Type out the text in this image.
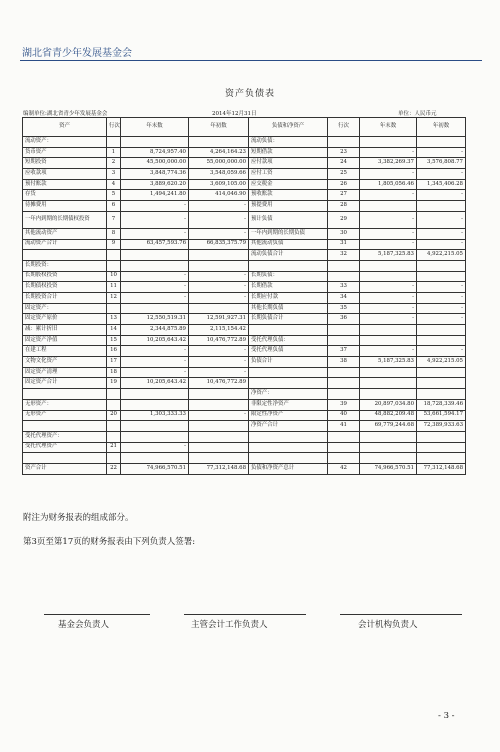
湖北省青少年发展基金会
资产负债表
编制单位:湖北省青少年发展基金会	2014年12月31日	单位：人民币元
资产	行次	年末数	年初数	负债和净资产	行次	年末数	年初数
流动资产：				流动负债：			
货币资产	1	8,724,957.40	4,264,164.23	短期借款	23	-	-
短期投资	2	45,500,000.00	55,000,000.00	应付款项	24	3,382,269.37	3,576,808.77
应收款项	3	3,848,774.36	3,548,059.66	应付工资	25	-	-
预付账款	4	3,889,620.20	3,609,105.00	应交税金	26	1,805,056.46	1,345,406.28
存货	5	1,494,241.80	414,046.90	预收账款	27	-	-
待摊费用	6	-	-	预提费用	28		
一年内到期的长期债权投资	7	-	-	预计负债	29	-	-
其他流动资产	8	-	-	一年内到期的长期负债	30	-	-
流动资产合计	9	63,457,593.76	66,835,375.79	其他流动负债	31	-	-
				流动负债合计	32	5,187,325.83	4,922,215.05
长期投资：							
长期股权投资	10	-	-	长期负债：			
长期债权投资	11	-	-	长期借款	33	-	-
长期投资合计	12	-	-	长期应付款	34	-	-
固定资产：				其他长期负债	35	-	-
固定资产原价	13	12,550,519.31	12,591,927.31	长期负债合计	36	-	-
减：累计折旧	14	2,344,875.89	2,115,154.42				
固定资产净值	15	10,205,643.42	10,476,772.89	受托代理负债：			
在建工程	16	-	-	受托代理负债	37	-	-
文物文化资产	17	-	-	负债合计	38	5,187,325.83	4,922,215.05
固定资产清理	18	-	-				
固定资产合计	19	10,205,643.42	10,476,772.89				
				净资产：			
无形资产：				非限定性净资产	39	20,897,034.80	18,728,339.46
无形资产	20	1,303,333.33	-	限定性净资产	40	48,882,209.48	53,661,594.17
				净资产合计	41	69,779,244.68	72,389,933.63
受托代理资产：							
受托代理资产	21	-					

资产合计	22	74,966,570.51	77,312,148.68	负债和净资产总计	42	74,966,570.51	77,312,148.68
附注为财务报表的组成部分。
第3页至第17页的财务报表由下列负责人签署:
基金会负责人	主管会计工作负责人	会计机构负责人
- 3 -
